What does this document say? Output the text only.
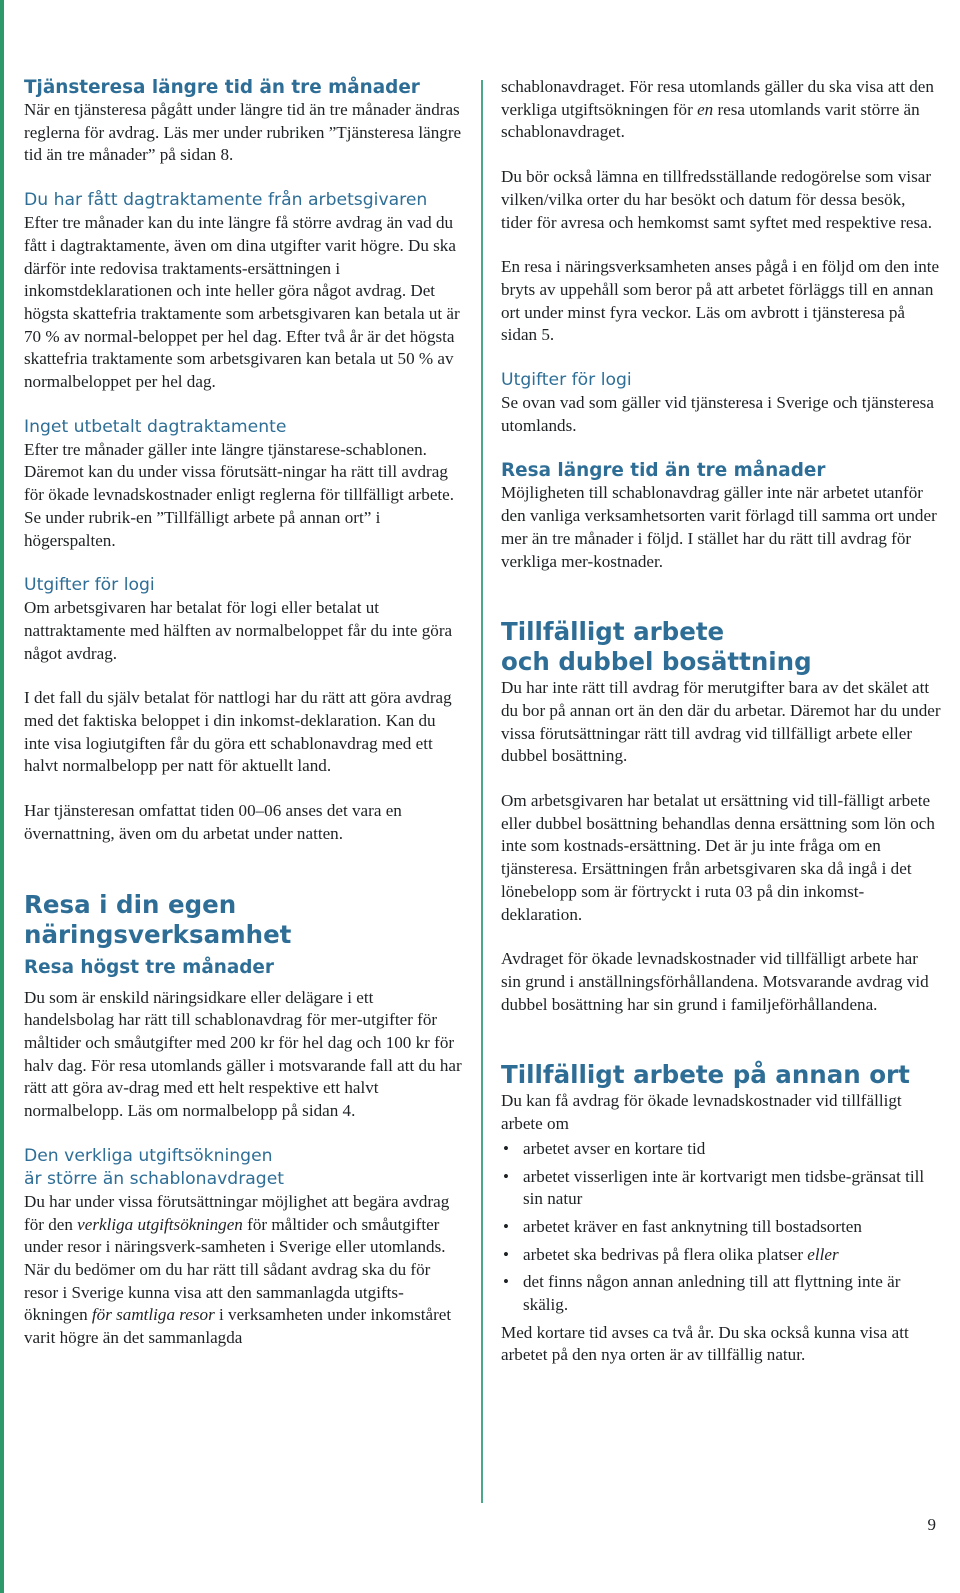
Tjänsteresa längre tid än tre månader

När en tjänsteresa pågått under längre tid än tre månader ändras reglerna för avdrag. Läs mer under rubriken ”Tjänsteresa längre tid än tre månader” på sidan 8.

Du har fått dagtraktamente från arbetsgivaren

Efter tre månader kan du inte längre få större avdrag än vad du fått i dagtraktamente, även om dina utgifter varit högre. Du ska därför inte redovisa traktaments-ersättningen i inkomstdeklarationen och inte heller göra något avdrag. Det högsta skattefria traktamente som arbetsgivaren kan betala ut är 70 % av normal-beloppet per hel dag. Efter två år är det högsta skattefria traktamente som arbetsgivaren kan betala ut 50 % av normalbeloppet per hel dag.

Inget utbetalt dagtraktamente

Efter tre månader gäller inte längre tjänstarese-schablonen. Däremot kan du under vissa förutsätt-ningar ha rätt till avdrag för ökade levnadskostnader enligt reglerna för tillfälligt arbete. Se under rubrik-en ”Tillfälligt arbete på annan ort” i högerspalten.

Utgifter för logi

Om arbetsgivaren har betalat för logi eller betalat ut nattraktamente med hälften av normalbeloppet får du inte göra något avdrag.

I det fall du själv betalat för nattlogi har du rätt att göra avdrag med det faktiska beloppet i din inkomst-deklaration. Kan du inte visa logiutgiften får du göra ett schablonavdrag med ett halvt normalbelopp per natt för aktuellt land.

Har tjänsteresan omfattat tiden 00–06 anses det vara en övernattning, även om du arbetat under natten.

Resa i din egen
näringsverksamhet
Resa högst tre månader

Du som är enskild näringsidkare eller delägare i ett handelsbolag har rätt till schablonavdrag för mer-utgifter för måltider och småutgifter med 200 kr för hel dag och 100 kr för halv dag. För resa utomlands gäller i motsvarande fall att du har rätt att göra av-drag med ett helt respektive ett halvt normalbelopp. Läs om normalbelopp på sidan 4.

Den verkliga utgiftsökningen
är större än schablonavdraget

Du har under vissa förutsättningar möjlighet att begära avdrag för den verkliga utgiftsökningen för måltider och småutgifter under resor i näringsverk-samheten i Sverige eller utomlands. När du bedömer om du har rätt till sådant avdrag ska du för resor i Sverige kunna visa att den sammanlagda utgifts-ökningen för samtliga resor i verksamheten under inkomståret varit högre än det sammanlagda

schablonavdraget. För resa utomlands gäller du ska visa att den verkliga utgiftsökningen för en resa utomlands varit större än schablonavdraget.

Du bör också lämna en tillfredsställande redogörelse som visar vilken/vilka orter du har besökt och datum för dessa besök, tider för avresa och hemkomst samt syftet med respektive resa.

En resa i näringsverksamheten anses pågå i en följd om den inte bryts av uppehåll som beror på att arbetet förläggs till en annan ort under minst fyra veckor. Läs om avbrott i tjänsteresa på sidan 5.

Utgifter för logi

Se ovan vad som gäller vid tjänsteresa i Sverige och tjänsteresa utomlands.

Resa längre tid än tre månader

Möjligheten till schablonavdrag gäller inte när arbetet utanför den vanliga verksamhetsorten varit förlagd till samma ort under mer än tre månader i följd. I stället har du rätt till avdrag för verkliga mer-kostnader.

Tillfälligt arbete
och dubbel bosättning

Du har inte rätt till avdrag för merutgifter bara av det skälet att du bor på annan ort än den där du arbetar. Däremot har du under vissa förutsättningar rätt till avdrag vid tillfälligt arbete eller dubbel bosättning.

Om arbetsgivaren har betalat ut ersättning vid till-fälligt arbete eller dubbel bosättning behandlas denna ersättning som lön och inte som kostnads-ersättning. Det är ju inte fråga om en tjänsteresa. Ersättningen från arbetsgivaren ska då ingå i det lönebelopp som är förtryckt i ruta 03 på din inkomst-deklaration.

Avdraget för ökade levnadskostnader vid tillfälligt arbete har sin grund i anställningsförhållandena. Motsvarande avdrag vid dubbel bosättning har sin grund i familjeförhållandena.

Tillfälligt arbete på annan ort

Du kan få avdrag för ökade levnadskostnader vid tillfälligt arbete om

• arbetet avser en kortare tid
• arbetet visserligen inte är kortvarigt men tidsbe-gränsat till sin natur
• arbetet kräver en fast anknytning till bostadsorten
• arbetet ska bedrivas på flera olika platser eller
• det finns någon annan anledning till att flyttning inte är skälig.

Med kortare tid avses ca två år. Du ska också kunna visa att arbetet på den nya orten är av tillfällig natur.

9
